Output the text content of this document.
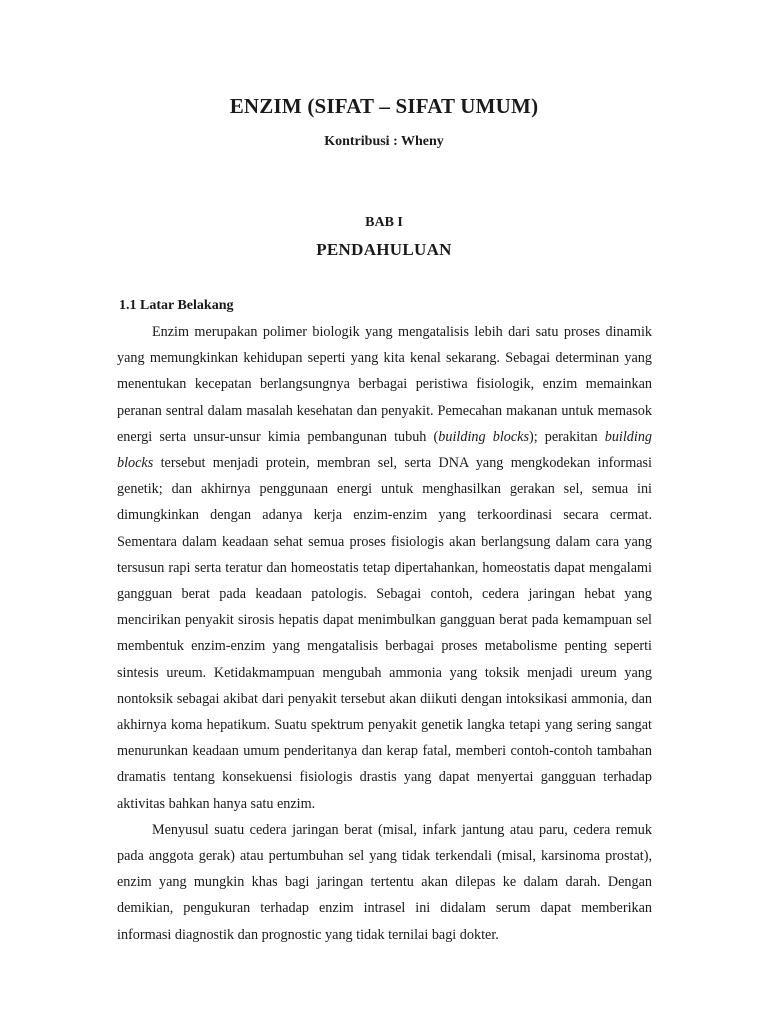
ENZIM (SIFAT – SIFAT UMUM)

Kontribusi : Wheny

BAB I

PENDAHULUAN
1.1 Latar Belakang

Enzim merupakan polimer biologik yang mengatalisis lebih dari satu proses dinamik yang memungkinkan kehidupan seperti yang kita kenal sekarang. Sebagai determinan yang menentukan kecepatan berlangsungnya berbagai peristiwa fisiologik, enzim memainkan peranan sentral dalam masalah kesehatan dan penyakit. Pemecahan makanan untuk memasok energi serta unsur-unsur kimia pembangunan tubuh (building blocks); perakitan building blocks tersebut menjadi protein, membran sel, serta DNA yang mengkodekan informasi genetik; dan akhirnya penggunaan energi untuk menghasilkan gerakan sel, semua ini dimungkinkan dengan adanya kerja enzim-enzim yang terkoordinasi secara cermat. Sementara dalam keadaan sehat semua proses fisiologis akan berlangsung dalam cara yang tersusun rapi serta teratur dan homeostatis tetap dipertahankan, homeostatis dapat mengalami gangguan berat pada keadaan patologis. Sebagai contoh, cedera jaringan hebat yang mencirikan penyakit sirosis hepatis dapat menimbulkan gangguan berat pada kemampuan sel membentuk enzim-enzim yang mengatalisis berbagai proses metabolisme penting seperti sintesis ureum. Ketidakmampuan mengubah ammonia yang toksik menjadi ureum yang nontoksik sebagai akibat dari penyakit tersebut akan diikuti dengan intoksikasi ammonia, dan akhirnya koma hepatikum. Suatu spektrum penyakit genetik langka tetapi yang sering sangat menurunkan keadaan umum penderitanya dan kerap fatal, memberi contoh-contoh tambahan dramatis tentang konsekuensi fisiologis drastis yang dapat menyertai gangguan terhadap aktivitas bahkan hanya satu enzim.

Menyusul suatu cedera jaringan berat (misal, infark jantung atau paru, cedera remuk pada anggota gerak) atau pertumbuhan sel yang tidak terkendali (misal, karsinoma prostat), enzim yang mungkin khas bagi jaringan tertentu akan dilepas ke dalam darah. Dengan demikian, pengukuran terhadap enzim intrasel ini didalam serum dapat memberikan informasi diagnostik dan prognostic yang tidak ternilai bagi dokter.
